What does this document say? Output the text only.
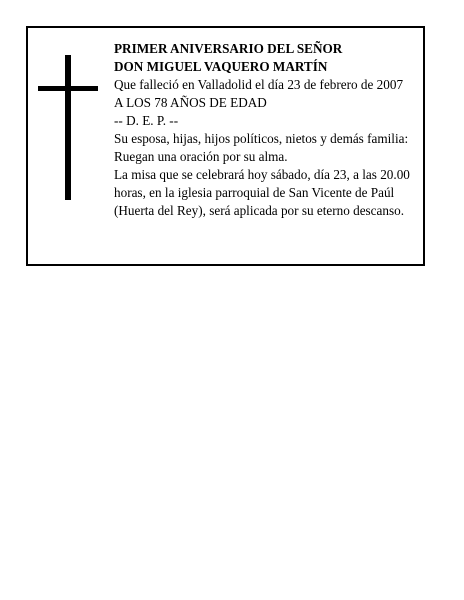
PRIMER ANIVERSARIO DEL SEÑOR
DON MIGUEL VAQUERO MARTÍN
Que falleció en Valladolid el día 23 de febrero de 2007
A LOS 78 AÑOS DE EDAD
-- D. E. P. --
Su esposa, hijas, hijos políticos, nietos y demás familia:
Ruegan una oración por su alma.
La misa que se celebrará hoy sábado, día 23, a las 20.00
horas, en la iglesia parroquial de San Vicente de Paúl
(Huerta del Rey), será aplicada por su eterno descanso.
